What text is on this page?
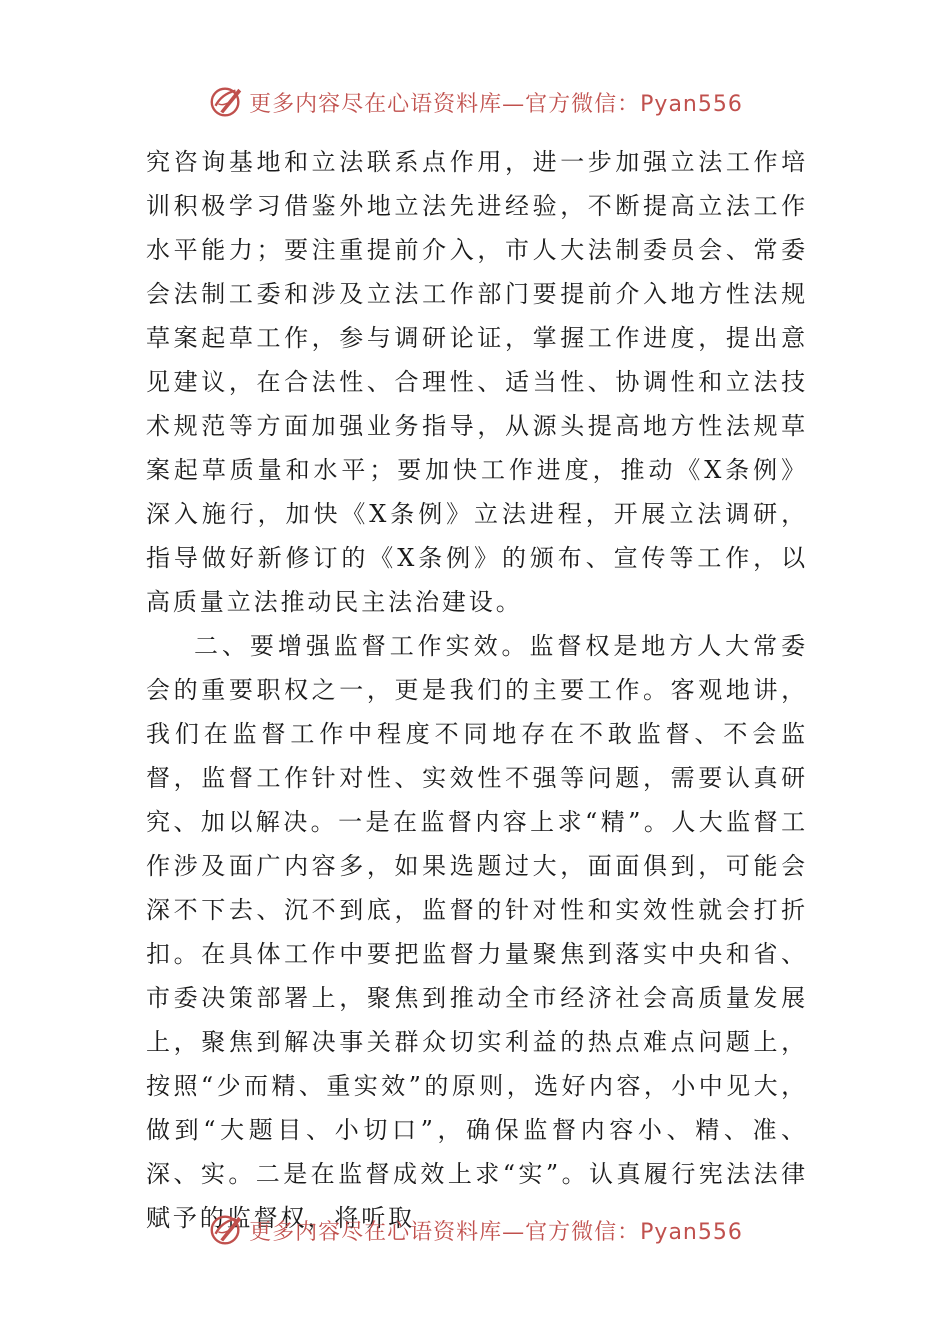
更多内容尽在心语资料库—官方微信：Pyan556

究咨询基地和立法联系点作用，进一步加强立法工作培训积极学习借鉴外地立法先进经验，不断提高立法工作水平能力；要注重提前介入，市人大法制委员会、常委会法制工委和涉及立法工作部门要提前介入地方性法规草案起草工作，参与调研论证，掌握工作进度，提出意见建议，在合法性、合理性、适当性、协调性和立法技术规范等方面加强业务指导，从源头提高地方性法规草案起草质量和水平；要加快工作进度，推动《X条例》深入施行，加快《X条例》立法进程，开展立法调研，指导做好新修订的《X条例》的颁布、宣传等工作，以高质量立法推动民主法治建设。

二、要增强监督工作实效。监督权是地方人大常委会的重要职权之一，更是我们的主要工作。客观地讲，我们在监督工作中程度不同地存在不敢监督、不会监督，监督工作针对性、实效性不强等问题，需要认真研究、加以解决。一是在监督内容上求“精”。人大监督工作涉及面广内容多，如果选题过大，面面俱到，可能会深不下去、沉不到底，监督的针对性和实效性就会打折扣。在具体工作中要把监督力量聚焦到落实中央和省、市委决策部署上，聚焦到推动全市经济社会高质量发展上，聚焦到解决事关群众切实利益的热点难点问题上，按照“少而精、重实效”的原则，选好内容，小中见大，做到“大题目、小切口”，确保监督内容小、精、准、深、实。二是在监督成效上求“实”。认真履行宪法法律赋予的监督权，将听取

更多内容尽在心语资料库—官方微信：Pyan556
